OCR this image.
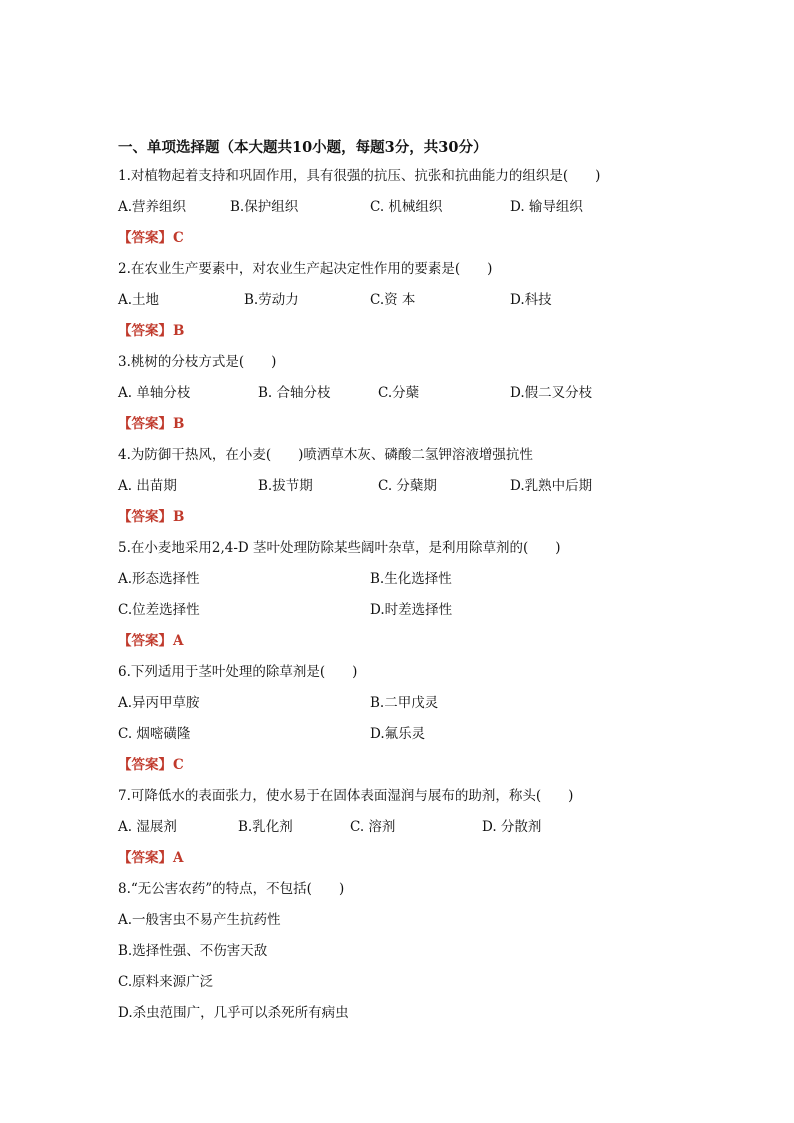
一、单项选择题（本大题共10小题，每题3分，共30分）
1.对植物起着支持和巩固作用，具有很强的抗压、抗张和抗曲能力的组织是(　　)
A.营养组织	B.保护组织	C. 机械组织	D. 输导组织
【答案】C
2.在农业生产要素中，对农业生产起决定性作用的要素是(　　)
A.土地	B.劳动力	C.资 本	D.科技
【答案】B
3.桃树的分枝方式是(　　)
A. 单轴分枝	B. 合轴分枝	C.分蘖	D.假二叉分枝
【答案】B
4.为防御干热风，在小麦(　　)喷洒草木灰、磷酸二氢钾溶液增强抗性
A. 出苗期	B.拔节期	C. 分蘖期	D.乳熟中后期
【答案】B
5.在小麦地采用2,4-D 茎叶处理防除某些阔叶杂草，是利用除草剂的(　　)
A.形态选择性	B.生化选择性
C.位差选择性	D.时差选择性
【答案】A
6.下列适用于茎叶处理的除草剂是(　　)
A.异丙甲草胺	B.二甲戊灵
C. 烟嘧磺隆	D.氟乐灵
【答案】C
7.可降低水的表面张力，使水易于在固体表面湿润与展布的助剂，称头(　　)
A. 湿展剂	B.乳化剂	C. 溶剂	D. 分散剂
【答案】A
8.“无公害农药”的特点，不包括(　　)
A.一般害虫不易产生抗药性
B.选择性强、不伤害天敌
C.原料来源广泛
D.杀虫范围广，几乎可以杀死所有病虫
